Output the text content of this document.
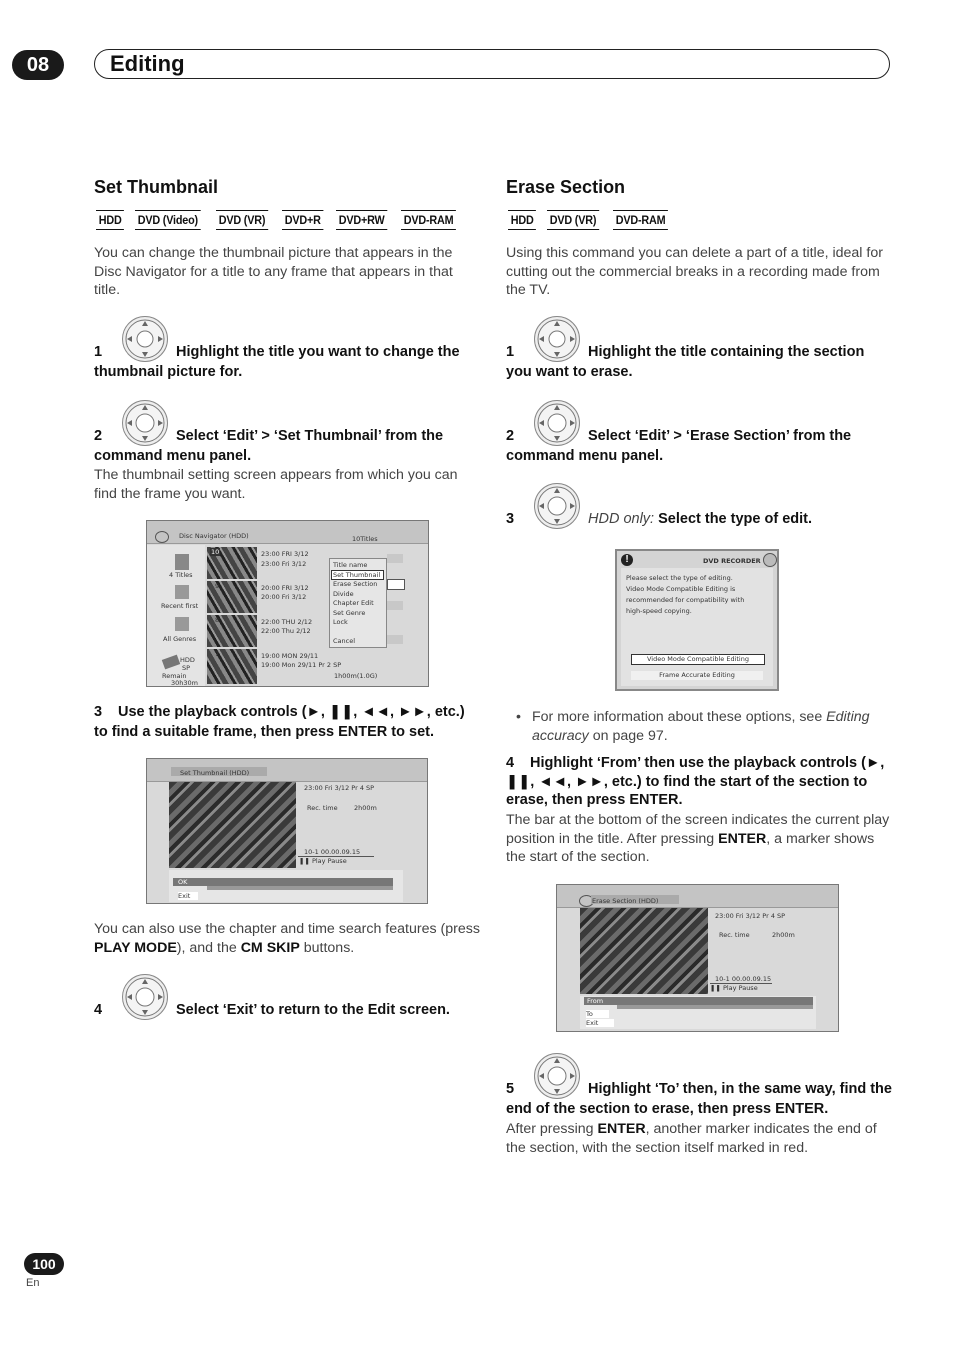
08	Editing
Set Thumbnail
HDD DVD (Video) DVD (VR) DVD+R DVD+RW DVD-RAM
You can change the thumbnail picture that appears in the Disc Navigator for a title to any frame that appears in that title.
1	Highlight the title you want to change the thumbnail picture for.
2	Select ‘Edit’ > ‘Set Thumbnail’ from the command menu panel.
The thumbnail setting screen appears from which you can find the frame you want.
Disc Navigator (HDD)	10Titles
4 Titles
Recent first
All Genres
HDD
SP
Remain
30h30m
10	23:00 FRI 3/12
23:00 Fri 3/12
9	20:00 FRI 3/12
20:00 Fri 3/12
8	22:00 THU 2/12
22:00 Thu 2/12
7	19:00 MON 29/11
19:00 Mon 29/11 Pr 2 SP
1h00m(1.0G)
Title name
Set Thumbnail
Erase Section
Divide
Chapter Edit
Set Genre
Lock
Cancel
3 Use the playback controls (►, ❚❚, ◄◄, ►►, etc.) to find a suitable frame, then press ENTER to set.
Set Thumbnail (HDD)
23:00 Fri 3/12 Pr 4 SP
Rec. time	2h00m
10-1 00.00.09.15
❚❚ Play Pause
OK
Exit
You can also use the chapter and time search features (press PLAY MODE), and the CM SKIP buttons.
4	Select ‘Exit’ to return to the Edit screen.
Erase Section
HDD DVD (VR) DVD-RAM
Using this command you can delete a part of a title, ideal for cutting out the commercial breaks in a recording made from the TV.
1	Highlight the title containing the section you want to erase.
2	Select ‘Edit’ > ‘Erase Section’ from the command menu panel.
3	HDD only: Select the type of edit.
!	DVD RECORDER
Please select the type of editing.
Video Mode Compatible Editing is
recommended for compatibility with
high-speed copying.
Video Mode Compatible Editing
Frame Accurate Editing
• For more information about these options, see Editing accuracy on page 97.
4 Highlight ‘From’ then use the playback controls (►, ❚❚, ◄◄, ►►, etc.) to find the start of the section to erase, then press ENTER.
The bar at the bottom of the screen indicates the current play position in the title. After pressing ENTER, a marker shows the start of the section.
Erase Section (HDD)
23:00 Fri 3/12 Pr 4 SP
Rec. time	2h00m
10-1 00.00.09.15
❚❚ Play Pause
From
To
Exit
5	Highlight ‘To’ then, in the same way, find the end of the section to erase, then press ENTER.
After pressing ENTER, another marker indicates the end of the section, with the section itself marked in red.
100
En
